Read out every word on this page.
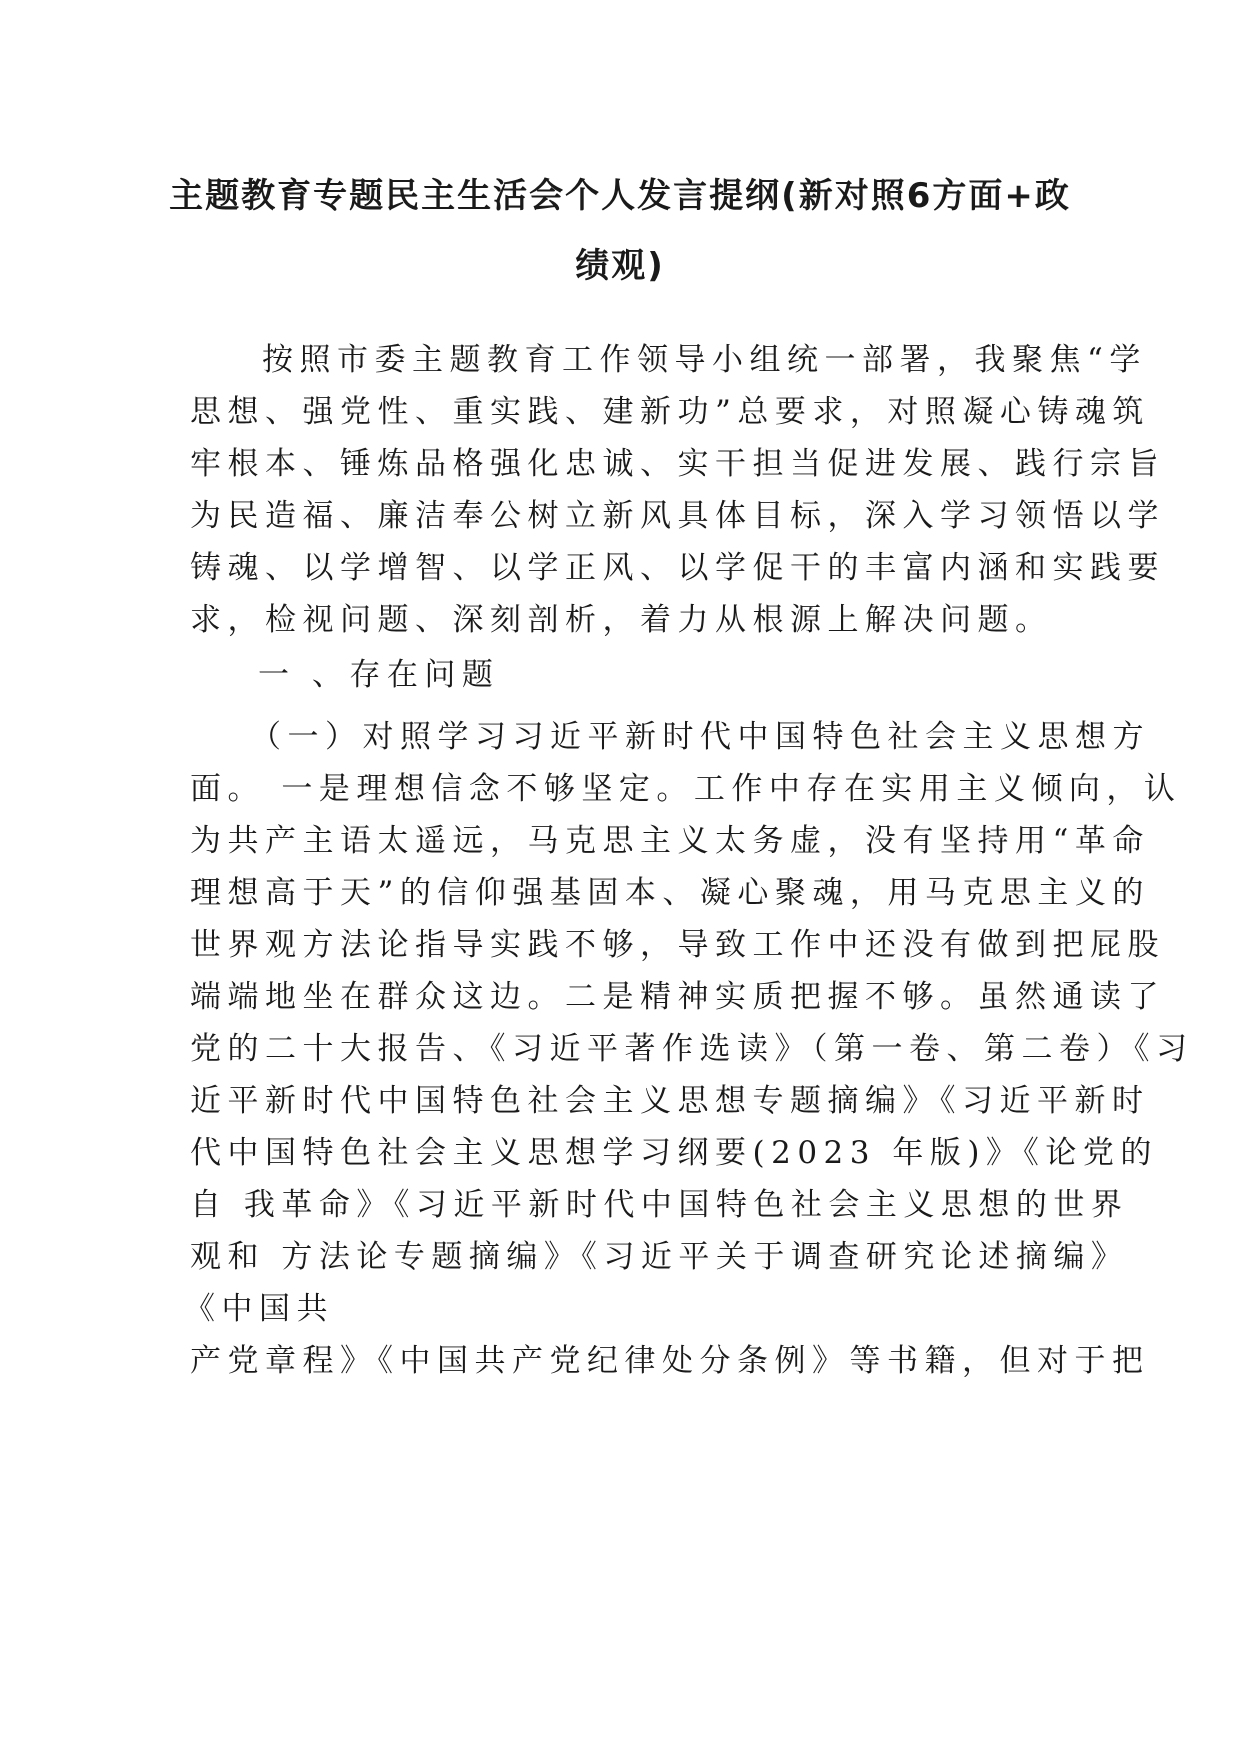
主题教育专题民主生活会个人发言提纲(新对照6方面+政
绩观)
按照市委主题教育工作领导小组统一部署，我聚焦“学
思想、强党性、重实践、建新功”总要求，对照凝心铸魂筑
牢根本、锤炼品格强化忠诚、实干担当促进发展、践行宗旨
为民造福、廉洁奉公树立新风具体目标，深入学习领悟以学
铸魂、以学增智、以学正风、以学促干的丰富内涵和实践要
求，检视问题、深刻剖析，着力从根源上解决问题。
一 、存在问题
（一）对照学习习近平新时代中国特色社会主义思想方
面。 一是理想信念不够坚定。工作中存在实用主义倾向，认
为共产主语太遥远，马克思主义太务虚，没有坚持用“革命
理想高于天”的信仰强基固本、凝心聚魂，用马克思主义的
世界观方法论指导实践不够，导致工作中还没有做到把屁股
端端地坐在群众这边。二是精神实质把握不够。虽然通读了
党的二十大报告、《习近平著作选读》（第一卷、第二卷）《习
近平新时代中国特色社会主义思想专题摘编》《习近平新时
代中国特色社会主义思想学习纲要(2023 年版)》《论党的
自 我革命》《习近平新时代中国特色社会主义思想的世界
观和 方法论专题摘编》《习近平关于调查研究论述摘编》
《中国共
产党章程》《中国共产党纪律处分条例》等书籍，但对于把
